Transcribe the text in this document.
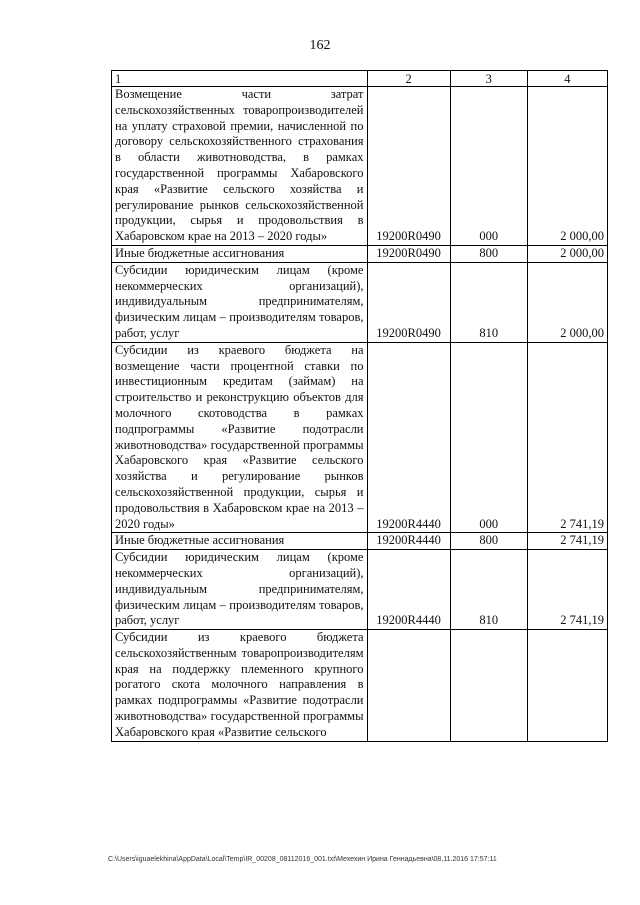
162
1	2	3	4
Возмещение части затрат сельскохозяйственных товаропроизводителей на уплату страховой премии, начисленной по договору сельскохозяйственного страхования в области животноводства, в рамках государственной программы Хабаровского края «Развитие сельского хозяйства и регулирование рынков сельскохозяйственной продукции, сырья и продовольствия в Хабаровском крае на 2013 – 2020 годы»	19200R0490	000	2 000,00
Иные бюджетные ассигнования	19200R0490	800	2 000,00
Субсидии юридическим лицам (кроме некоммерческих организаций), индивидуальным предпринимателям, физическим лицам – производителям товаров, работ, услуг	19200R0490	810	2 000,00
Субсидии из краевого бюджета на возмещение части процентной ставки по инвестиционным кредитам (займам) на строительство и реконструкцию объектов для молочного скотоводства в рамках подпрограммы «Развитие подотрасли животноводства» государственной программы Хабаровского края «Развитие сельского хозяйства и регулирование рынков сельскохозяйственной продукции, сырья и продовольствия в Хабаровском крае на 2013 – 2020 годы»	19200R4440	000	2 741,19
Иные бюджетные ассигнования	19200R4440	800	2 741,19
Субсидии юридическим лицам (кроме некоммерческих организаций), индивидуальным предпринимателям, физическим лицам – производителям товаров, работ, услуг	19200R4440	810	2 741,19
Субсидии из краевого бюджета сельскохозяйственным товаропроизводителям края на поддержку племенного крупного рогатого скота молочного направления в рамках подпрограммы «Развитие подотрасли животноводства» государственной программы Хабаровского края «Развитие сельского			
C:\Users\iguaelekhina\AppData\Local\Temp\IR_00208_08112016_001.txt\Мехехин Ирина Геннадьевна\08.11.2016 17:57:11
